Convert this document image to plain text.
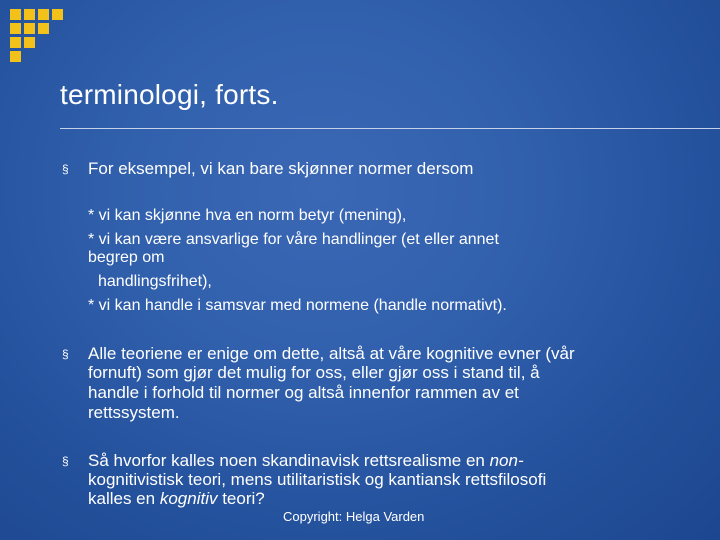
terminologi, forts.
§ For eksempel, vi kan bare skjønner normer dersom
* vi kan skjønne hva en norm betyr (mening),
* vi kan være ansvarlige for våre handlinger (et eller annet
begrep om
handlingsfrihet),
* vi kan handle i samsvar med normene (handle normativt).
§ Alle teoriene er enige om dette, altså at våre kognitive evner (vår
fornuft) som gjør det mulig for oss, eller gjør oss i stand til, å
handle i forhold til normer og altså innenfor rammen av et
rettssystem.
§ Så hvorfor kalles noen skandinavisk rettsrealisme en non-
kognitivistisk teori, mens utilitaristisk og kantiansk rettsfilosofi
kalles en kognitiv teori?
Copyright: Helga Varden
